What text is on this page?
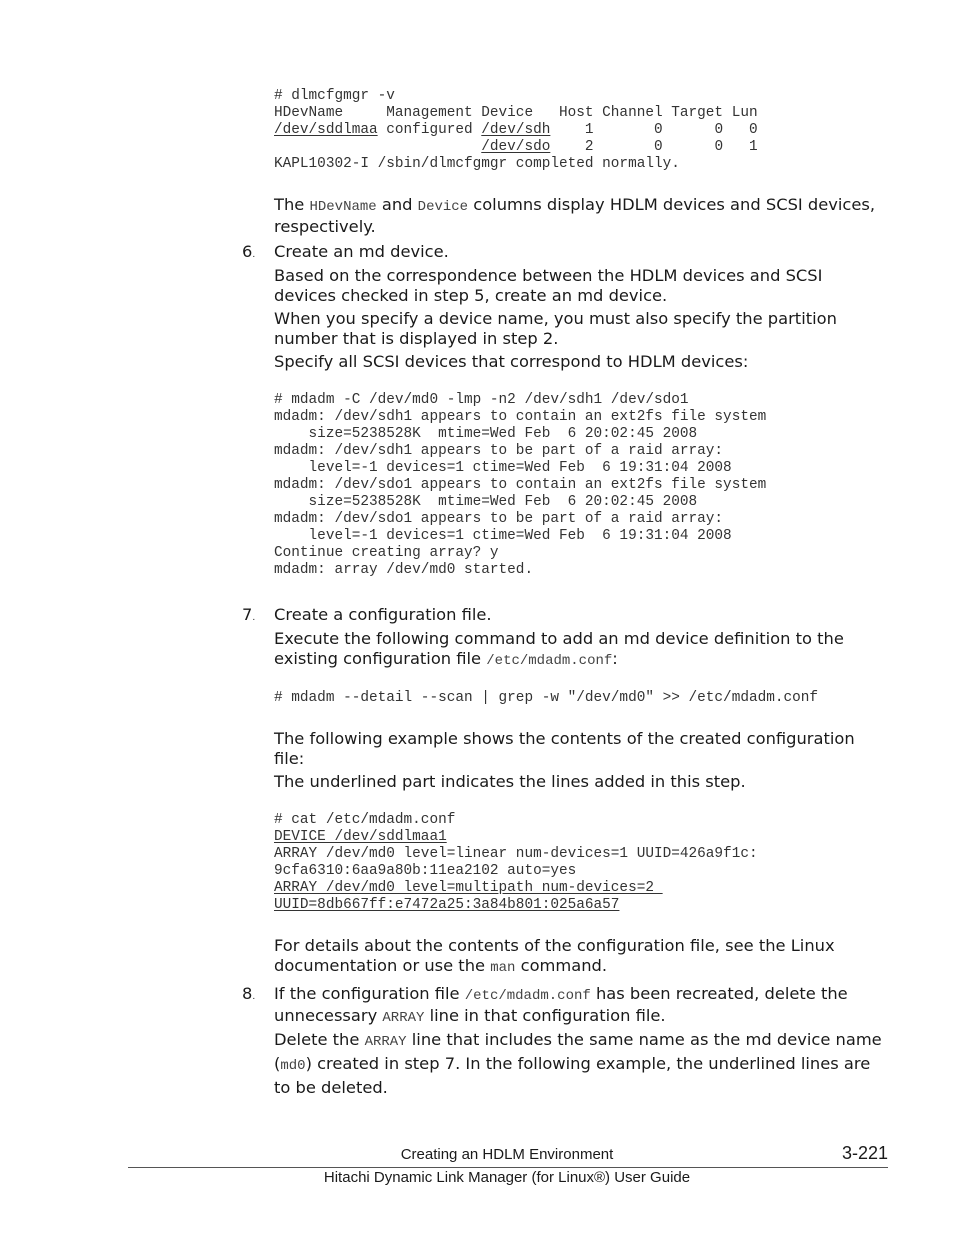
# dlmcfgmgr -v
HDevName     Management Device   Host Channel Target Lun
/dev/sddlmaa configured /dev/sdh    1       0      0   0
/dev/sdo    2       0      0   1
KAPL10302-I /sbin/dlmcfgmgr completed normally.

The HDevName and Device columns display HDLM devices and SCSI devices, respectively.

6. Create an md device.

Based on the correspondence between the HDLM devices and SCSI devices checked in step 5, create an md device.

When you specify a device name, you must also specify the partition number that is displayed in step 2.

Specify all SCSI devices that correspond to HDLM devices:

# mdadm -C /dev/md0 -lmp -n2 /dev/sdh1 /dev/sdo1
mdadm: /dev/sdh1 appears to contain an ext2fs file system
size=5238528K  mtime=Wed Feb  6 20:02:45 2008
mdadm: /dev/sdh1 appears to be part of a raid array:
level=-1 devices=1 ctime=Wed Feb  6 19:31:04 2008
mdadm: /dev/sdo1 appears to contain an ext2fs file system
size=5238528K  mtime=Wed Feb  6 20:02:45 2008
mdadm: /dev/sdo1 appears to be part of a raid array:
level=-1 devices=1 ctime=Wed Feb  6 19:31:04 2008
Continue creating array? y
mdadm: array /dev/md0 started.
7. Create a configuration file.

Execute the following command to add an md device definition to the existing configuration file /etc/mdadm.conf:

# mdadm --detail --scan | grep -w "/dev/md0" >> /etc/mdadm.conf

The following example shows the contents of the created configuration file:

The underlined part indicates the lines added in this step.

# cat /etc/mdadm.conf
DEVICE /dev/sddlmaa1
ARRAY /dev/md0 level=linear num-devices=1 UUID=426a9f1c:
9cfa6310:6aa9a80b:11ea2102 auto=yes
ARRAY /dev/md0 level=multipath num-devices=2
UUID=8db667ff:e7472a25:3a84b801:025a6a57

For details about the contents of the configuration file, see the Linux documentation or use the man command.

8. If the configuration file /etc/mdadm.conf has been recreated, delete the unnecessary ARRAY line in that configuration file.

Delete the ARRAY line that includes the same name as the md device name (md0) created in step 7. In the following example, the underlined lines are to be deleted.

Creating an HDLM Environment	3-221
Hitachi Dynamic Link Manager (for Linux®) User Guide
